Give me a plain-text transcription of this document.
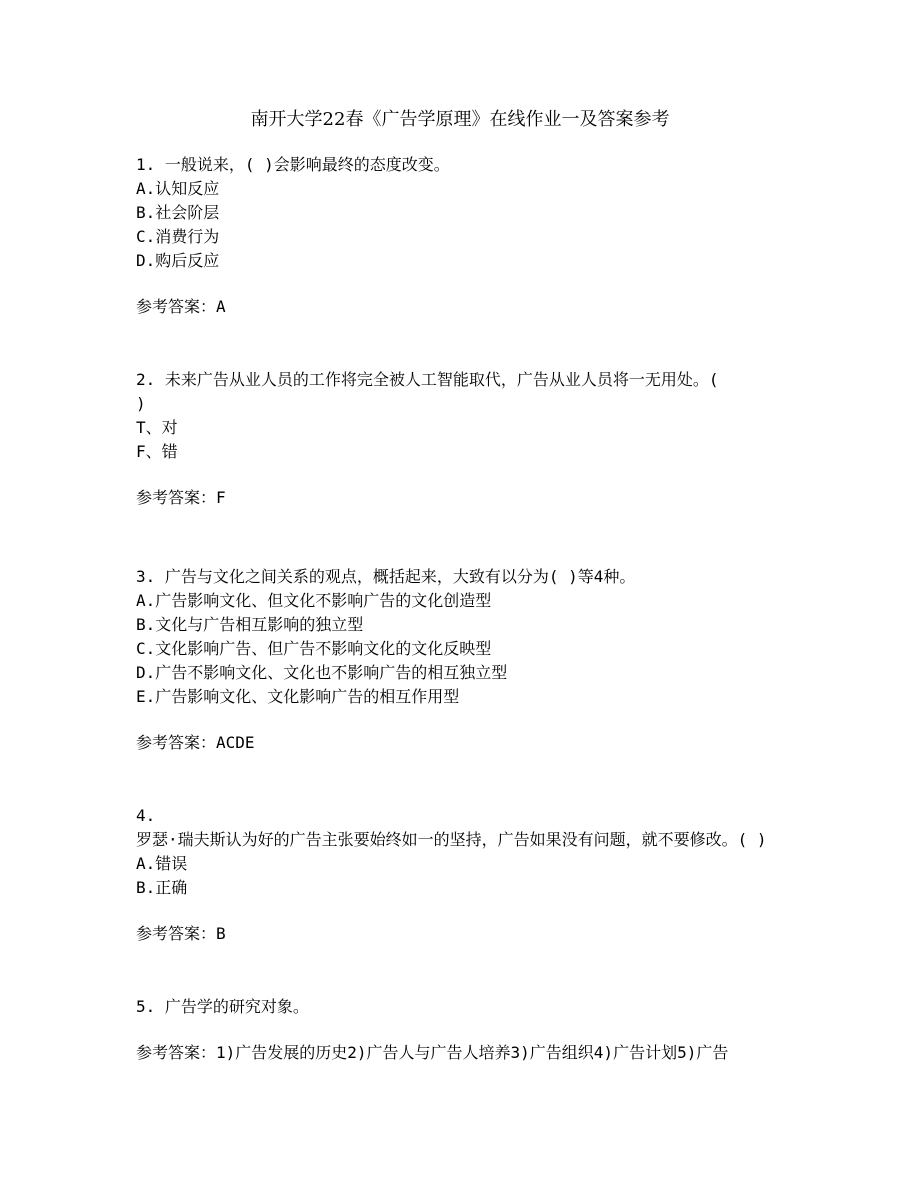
南开大学22春《广告学原理》在线作业一及答案参考
1. 一般说来，( )会影响最终的态度改变。
A.认知反应
B.社会阶层
C.消费行为
D.购后反应
参考答案：A
2. 未来广告从业人员的工作将完全被人工智能取代，广告从业人员将一无用处。(
)
T、对
F、错
参考答案：F
3. 广告与文化之间关系的观点，概括起来，大致有以分为( )等4种。
A.广告影响文化、但文化不影响广告的文化创造型
B.文化与广告相互影响的独立型
C.文化影响广告、但广告不影响文化的文化反映型
D.广告不影响文化、文化也不影响广告的相互独立型
E.广告影响文化、文化影响广告的相互作用型
参考答案：ACDE
4.
罗瑟·瑞夫斯认为好的广告主张要始终如一的坚持，广告如果没有问题，就不要修改。( )
A.错误
B.正确
参考答案：B
5. 广告学的研究对象。
参考答案：1)广告发展的历史2)广告人与广告人培养3)广告组织4)广告计划5)广告
